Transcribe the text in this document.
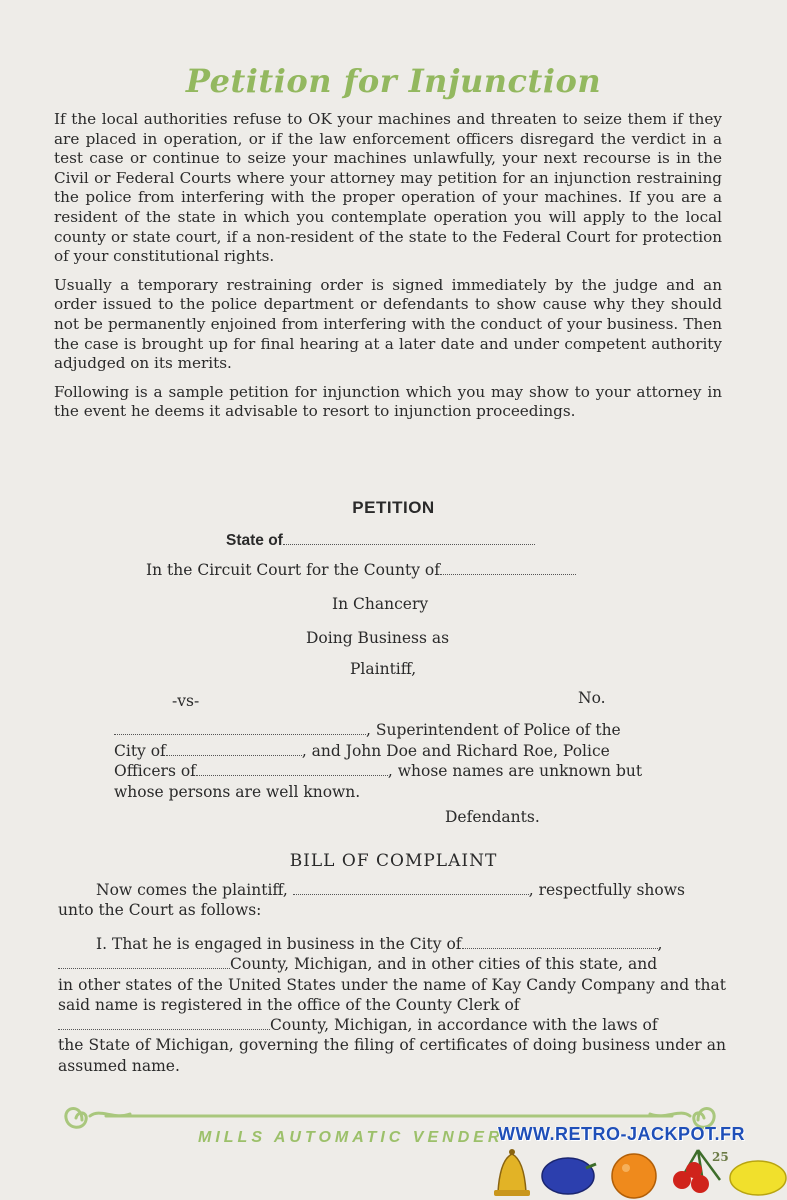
Petition for Injunction

If the local authorities refuse to OK your machines and threaten to seize them if they are placed in operation, or if the law enforcement officers disregard the verdict in a test case or continue to seize your machines unlawfully, your next recourse is in the Civil or Federal Courts where your attorney may petition for an injunction restraining the police from interfering with the proper operation of your machines. If you are a resident of the state in which you contemplate operation you will apply to the local county or state court, if a non-resident of the state to the Federal Court for protection of your constitutional rights.

Usually a temporary restraining order is signed immediately by the judge and an order issued to the police department or defendants to show cause why they should not be permanently enjoined from interfering with the conduct of your business. Then the case is brought up for final hearing at a later date and under competent authority adjudged on its merits.

Following is a sample petition for injunction which you may show to your attorney in the event he deems it advisable to resort to injunction proceedings.

PETITION
State of
In the Circuit Court for the County of
In Chancery
Doing Business as
Plaintiff,
-vs-	No.
, Superintendent of Police of the
City of	, and John Doe and Richard Roe, Police
Officers of	, whose names are unknown but
whose persons are well known.
Defendants.
BILL OF COMPLAINT
Now comes the plaintiff,	, respectfully shows
unto the Court as follows:
I. That he is engaged in business in the City of	,
County, Michigan, and in other cities of this state, and
in other states of the United States under the name of Kay Candy Company and that said name is registered in the office of the County Clerk of
County, Michigan, in accordance with the laws of
the State of Michigan, governing the filing of certificates of doing business under an assumed name.
MILLS AUTOMATIC VENDER
WWW.RETRO-JACKPOT.FR
25
